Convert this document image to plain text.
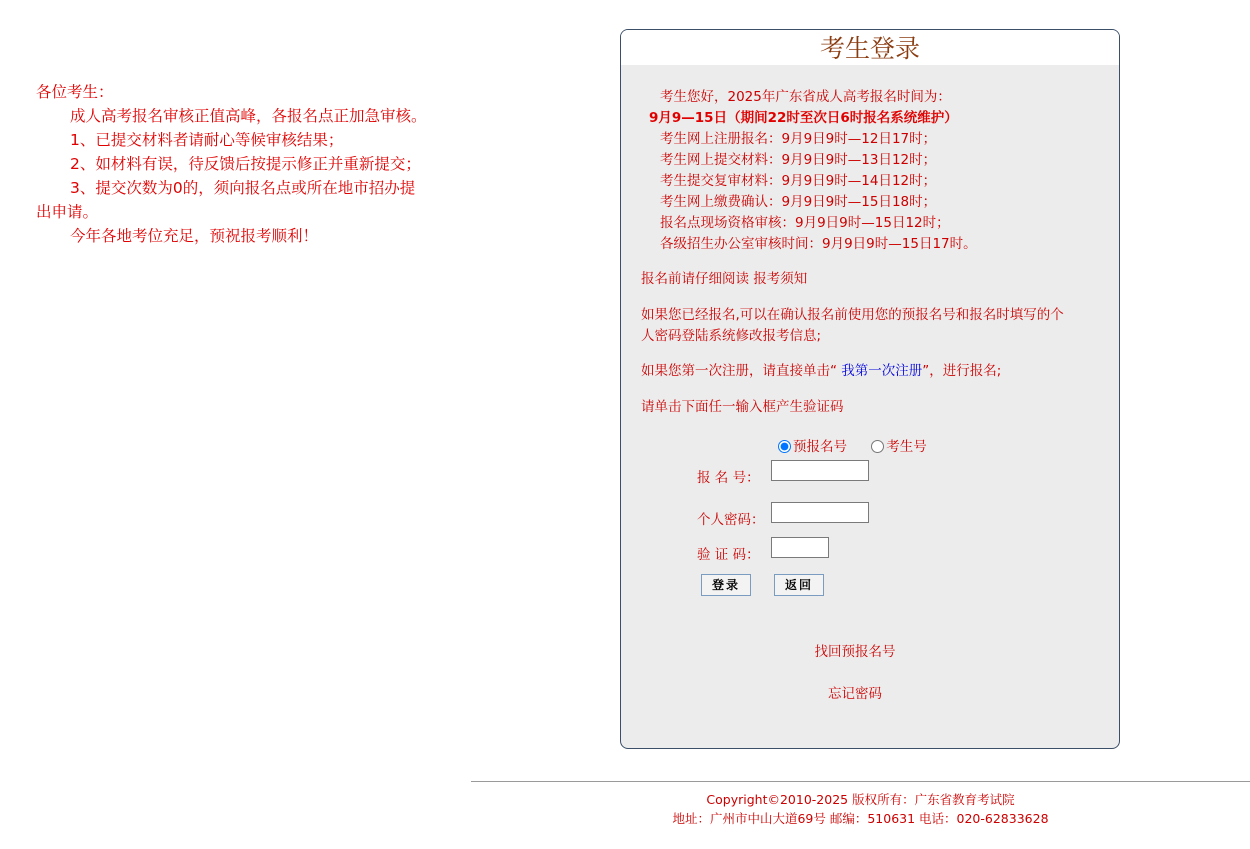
各位考生：
成人高考报名审核正值高峰，各报名点正加急审核。
1、已提交材料者请耐心等候审核结果；
2、如材料有误，待反馈后按提示修正并重新提交；
3、提交次数为0的，须向报名点或所在地市招办提出申请。
今年各地考位充足，预祝报考顺利！
考生登录
考生您好，2025年广东省成人高考报名时间为：
9月9—15日（期间22时至次日6时报名系统维护）
考生网上注册报名：9月9日9时—12日17时；
考生网上提交材料：9月9日9时—13日12时；
考生提交复审材料：9月9日9时—14日12时；
考生网上缴费确认：9月9日9时—15日18时；
报名点现场资格审核：9月9日9时—15日12时；
各级招生办公室审核时间：9月9日9时—15日17时。
报名前请仔细阅读 报考须知
如果您已经报名,可以在确认报名前使用您的预报名号和报名时填写的个人密码登陆系统修改报考信息;
如果您第一次注册，请直接单击“ 我第一次注册”，进行报名;
请单击下面任一输入框产生验证码
预报名号	考生号
报 名 号：
个人密码：
验 证 码：
登录	返回
找回预报名号
忘记密码
Copyright©2010-2025 版权所有：广东省教育考试院
地址：广州市中山大道69号 邮编：510631 电话：020-62833628
